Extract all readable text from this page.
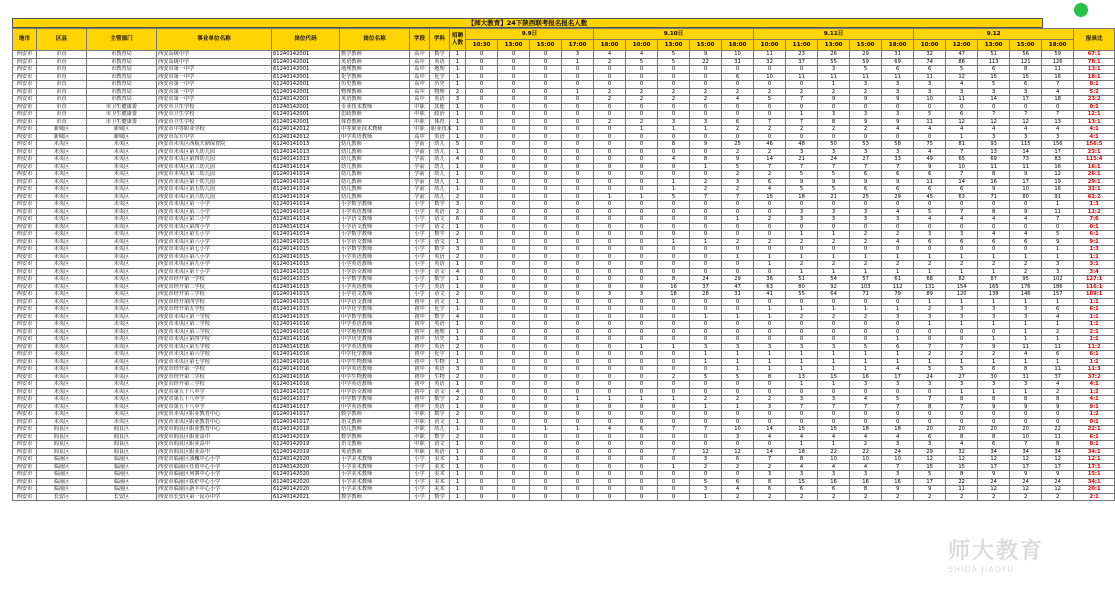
【师大教育】24下陕西联考报名报名人数
地市	区县	主管部门	事业单位名称	岗位代码	岗位名称	学段	学科	招聘人数	9.9日				9.10日					9.11日					9.12					报录比
									10:30	13:00	15:00	17:00	18:00	10:00	13:00	15:00	18:00	10:00	11:00	13:00	15:00	18:00	10:00	12:00	13:00	15:00	18:00	
西安市	市直	市教育局	西安高级中学	61240142001	数学教师	高中	数学	1	0	0	0	3	4	4	5	9	10	11	23	26	29	31	32	47	51	56	59	67:1
西安市	市直	市教育局	西安高级中学	61240142001	英语教师	高中	英语	1	0	0	0	1	2	5	5	22	31	32	37	55	59	69	74	88	113	121	126	78:1
西安市	市直	市教育局	西安市第一中学	61240142001	地理教师	高中	地理	1	0	0	0	0	0	0	0	0	0	0	0	3	5	6	6	5	6	8	11	13:1
西安市	市直	市教育局	西安市第一中学	61240142001	化学教师	高中	化学	1	0	0	0	0	0	0	0	0	6	10	11	11	11	11	11	12	15	15	16	18:1
西安市	市直	市教育局	西安市第一中学	61240142001	历史教师	高中	历史	1	0	0	0	0	0	0	0	0	0	0	0	1	3	3	3	4	5	6	7	8:1
西安市	市直	市教育局	西安市第一中学	61240142001	物理教师	高中	物理	2	0	0	0	1	2	2	2	2	2	2	2	2	2	3	3	3	3	3	4	5:2
西安市	市直	市教育局	西安市第一中学	61240142001	英语教师	高中	英语	3	0	0	0	0	2	2	2	2	4	5	7	9	9	9	10	11	14	17	18	23:2
西安市	市直	市卫生健康委	西安市卫生学校	61240142001	专业技术教师	中职	其他	1	0	0	0	0	0	0	0	0	0	0	0	0	0	0	0	0	0	0	0	0:1
西安市	市直	市卫生健康委	西安市卫生学校	61240142001	思政教师	中职	政治	1	0	0	0	0	0	0	0	0	0	0	1	3	3	3	5	6	7	7	7	12:1
西安市	市直	市卫生健康委	西安市卫生学校	61240142001	体育教师	中职	体育	1	0	0	0	0	2	2	3	3	6	7	7	8	9	9	11	12	12	12	13	13:1
西安市	新城区	新城区	西安市中等职业学校	61240142012	中等职业技术教师	中职	职业技术	1	0	0	0	0	0	1	1	1	2	2	2	2	2	4	4	4	4	4	4	4:1
西安市	新城区	新城区	西安市东方中学	61240142012	中学英语教师	高中	英语	1	0	0	0	0	0	0	0	0	0	0	0	0	0	0	0	1	3	3	3	4:1
西安市	未央区	未央区	西安市未央区西航天鼎保育院	61240141013	幼儿教师	学前	幼儿	5	0	0	0	0	0	0	8	9	25	46	48	50	53	58	75	81	93	115	156	156:5
西安市	未央区	未央区	西安市未央区第九幼儿园	61240141013	幼儿教师	学前	幼儿	1	0	0	0	0	0	0	0	0	2	2	3	3	3	3	4	7	13	14	17	23:1
西安市	未央区	未央区	西安市未央区第四幼儿园	61240141013	幼儿教师	学前	幼儿	4	0	0	0	0	0	0	4	8	9	14	21	24	27	33	49	65	69	73	83	115:4
西安市	未央区	未央区	西安市未央区第三幼儿园	61240141014	幼儿教师	学前	幼儿	1	0	0	0	0	0	0	0	1	5	7	7	7	7	7	9	10	11	11	16	16:1
西安市	未央区	未央区	西安市未央区第二幼儿园	61240141014	幼儿教师	学前	幼儿	1	0	0	0	0	0	0	0	0	2	2	5	5	6	6	6	7	8	9	12	26:1
西安市	未央区	未央区	西安市未央区第十幼儿园	61240141014	幼儿教师	学前	幼儿	1	0	0	0	0	0	0	1	2	3	6	9	9	9	9	11	14	16	17	19	29:1
西安市	未央区	未央区	西安市未央区第五幼儿园	61240141014	幼儿教师	学前	幼儿	1	0	0	0	0	0	0	1	2	2	4	5	5	6	6	6	6	9	10	16	31:1
西安市	未央区	未央区	西安市未央区第六幼儿园	61240141014	幼儿教师	学前	幼儿	2	0	0	0	0	1	1	5	7	7	15	18	21	25	29	45	63	71	80	91	61:2
西安市	未央区	未央区	西安市未央区第一小学	61240141014	小学数学教师	小学	数学	3	0	0	0	0	0	0	0	0	0	0	0	0	0	0	0	0	0	0	1	1:3
西安市	未央区	未央区	西安市未央区第二小学	61240141014	小学英语教师	小学	英语	2	0	0	0	0	0	0	0	0	0	0	3	3	3	4	5	7	8	9	11	11:2
西安市	未央区	未央区	西安市未央区第三小学	61240141014	小学语文教师	小学	语文	6	0	0	0	0	0	0	0	0	1	2	3	3	3	3	4	4	4	4	7	7:6
西安市	未央区	未央区	西安市未央区第四小学	61240141014	小学语文教师	小学	语文	1	0	0	0	0	0	0	0	0	0	0	0	0	0	0	0	0	0	0	0	0:1
西安市	未央区	未央区	西安市未央区第五小学	61240141014	小学数学教师	小学	数学	2	0	0	0	0	0	0	0	0	0	0	1	1	2	2	3	3	4	4	5	6:1
西安市	未央区	未央区	西安市未央区第六小学	61240141015	小学语文教师	小学	语文	1	0	0	0	0	0	0	1	1	2	2	2	2	2	4	6	6	6	6	9	9:1
西安市	未央区	未央区	西安市未央区第七小学	61240141015	小学数学教师	小学	数学	3	0	0	0	0	0	0	0	0	0	0	0	0	0	0	0	0	0	0	1	1:3
西安市	未央区	未央区	西安市未央区第八小学	61240141015	小学英语教师	小学	英语	2	0	0	0	0	0	0	0	0	1	1	1	1	1	1	1	1	1	1	1	1:1
西安市	未央区	未央区	西安市未央区第九小学	61240141015	小学英语教师	小学	英语	1	0	0	0	0	0	0	0	0	0	1	2	2	2	2	2	2	2	2	3	3:1
西安市	未央区	未央区	西安市未央区第十小学	61240141015	小学语文教师	小学	语文	4	0	0	0	0	0	0	0	0	0	0	1	1	1	1	1	1	1	2	3	3:4
西安市	未央区	未央区	西安市经开第一学校	61240141015	小学数学教师	小学	数学	1	0	0	0	0	0	0	8	24	29	36	51	54	57	61	68	82	87	95	102	127:1
西安市	未央区	未央区	西安市经开第二学校	61240141015	小学英语教师	小学	英语	1	0	0	0	0	0	0	16	37	47	63	80	92	103	112	131	154	165	176	186	116:1
西安市	未央区	未央区	西安市经开第三学校	61240141015	小学语文教师	小学	语文	2	0	0	0	0	3	3	18	28	31	41	55	64	71	79	89	120	138	146	157	189:1
西安市	未央区	未央区	西安市经开第四学校	61240141015	中学语文教师	初中	语文	1	0	0	0	0	0	0	0	0	0	0	0	0	0	0	1	1	1	1	1	1:1
西安市	未央区	未央区	西安市经开第五学校	61240141015	中学化学教师	初中	化学	1	0	0	0	0	0	0	0	0	0	1	1	1	1	1	2	3	3	3	6	6:1
西安市	未央区	未央区	西安市未央区第一学校	61240141015	中学数学教师	初中	数学	4	0	0	0	0	0	0	0	1	1	1	2	2	2	3	3	3	3	3	4	1:1
西安市	未央区	未央区	西安市未央区第二学校	61240141016	中学英语教师	初中	英语	1	0	0	0	0	0	0	0	0	0	0	0	0	0	0	1	1	1	1	1	1:1
西安市	未央区	未央区	西安市未央区第三学校	61240141016	中学地理教师	初中	地理	1	0	0	0	0	0	0	0	0	0	0	0	0	0	0	0	0	0	1	2	2:1
西安市	未央区	未央区	西安市未央区第四学校	61240141016	中学历史教师	初中	历史	1	0	0	0	0	0	0	0	0	0	0	0	0	0	1	0	0	1	1	1	1:1
西安市	未央区	未央区	西安市未央区第五学校	61240141016	中学英语教师	初中	英语	2	0	0	0	0	0	1	1	3	3	3	3	3	5	6	7	7	9	11	11	11:2
西安市	未央区	未央区	西安市未央区第六学校	61240141016	中学化学教师	初中	化学	1	0	0	0	0	0	0	0	1	1	1	1	1	1	1	2	2	2	4	6	6:1
西安市	未央区	未央区	西安市未央区第七学校	61240141016	中学生物教师	初中	生物	1	0	0	0	0	0	0	0	1	1	1	1	1	1	1	1	1	1	1	1	1:1
西安市	未央区	未央区	西安市经开第一学校	61240141016	中学英语教师	初中	英语	3	0	0	0	0	0	0	0	0	1	1	1	1	1	4	5	5	6	8	11	11:3
西安市	未央区	未央区	西安市经开第二学校	61240141016	中学生物教师	初中	生物	2	0	0	0	0	0	0	2	5	5	8	13	15	16	17	24	27	30	31	37	37:2
西安市	未央区	未央区	西安市经开第三学校	61240141016	中学英语教师	初中	英语	1	0	0	0	0	0	0	0	0	0	0	1	1	3	3	3	3	3	3	4	4:1
西安市	未央区	未央区	西安市第五十八中学	61240141017	中学语文教师	初中	语文	4	0	0	0	0	0	0	0	0	0	0	0	0	0	0	0	1	1	1	2	1:2
西安市	未央区	未央区	西安市第五十八中学	61240141017	中学数学教师	初中	数学	2	0	0	0	1	1	1	1	2	2	2	3	3	4	5	7	8	8	8	8	4:1
西安市	未央区	未央区	西安市第五十八中学	61240141017	中学英语教师	初中	英语	1	0	0	0	0	0	0	0	1	1	3	7	7	7	7	8	7	9	9	9	9:1
西安市	未央区	未央区	西安市未央区职业教育中心	61240141017	数学教师	中职	数学	2	0	0	0	0	0	0	0	0	0	0	0	0	0	0	0	0	0	0	0	1:2
西安市	未央区	未央区	西安市未央区职业教育中心	61240141017	语文教师	中职	语文	1	0	0	0	0	0	0	0	0	0	0	0	0	0	0	0	0	0	0	0	0:1
西安市	阎良区	阎良区	西安市阎良区职业教育中心	61240142018	幼儿教师	中职	幼儿	1	0	0	1	1	4	6	7	7	10	14	15	15	18	18	20	20	20	20	22	22:1
西安市	阎良区	阎良区	西安市阎良区职业高中	61240142019	数学教师	中职	数学	2	0	0	0	0	0	0	0	0	3	4	4	4	4	4	6	8	8	10	11	6:1
西安市	阎良区	阎良区	西安市阎良区职业高中	61240142019	语文教师	中职	语文	1	0	0	0	0	0	0	0	0	0	0	1	1	2	3	3	4	6	7	8	8:1
西安市	阎良区	阎良区	西安市阎良区职业高中	61240142019	英语教师	中职	英语	1	0	0	0	0	0	0	7	12	12	14	18	22	22	24	29	32	34	34	34	34:1
西安市	临潼区	临潼区	西安市临潼区油槐中心小学	61240142020	小学美术教师	小学	美术	1	0	0	0	0	0	0	0	3	6	7	8	10	10	10	12	12	12	12	12	12:1
西安市	临潼区	临潼区	西安市临潼区任留中心小学	61240142020	小学美术教师	小学	美术	1	0	0	0	0	0	0	1	2	2	2	4	4	4	7	15	15	17	17	17	17:1
西安市	临潼区	临潼区	西安市临潼区何寨中心小学	61240142020	小学美术教师	小学	美术	1	0	0	0	0	0	0	0	0	0	3	3	3	3	3	5	8	9	9	9	15:1
西安市	临潼区	临潼区	西安市临潼区铁炉中心小学	61240142020	小学美术教师	小学	美术	1	0	0	0	0	0	0	0	5	6	8	15	16	16	16	17	22	24	24	24	34:1
西安市	临潼区	临潼区	西安市临潼区新丰中心小学	61240142020	小学美术教师	小学	美术	1	0	0	0	0	0	0	0	3	4	6	6	6	8	9	9	11	12	12	12	20:1
西安市	长安区	长安区	西安市长安区第一民办中学	61240142021	数学教师	小学	数学	1	0	0	0	0	0	0	0	1	2	2	2	2	2	2	2	2	2	2	2	2:1
师大教育
SHIDA JIAOYU
